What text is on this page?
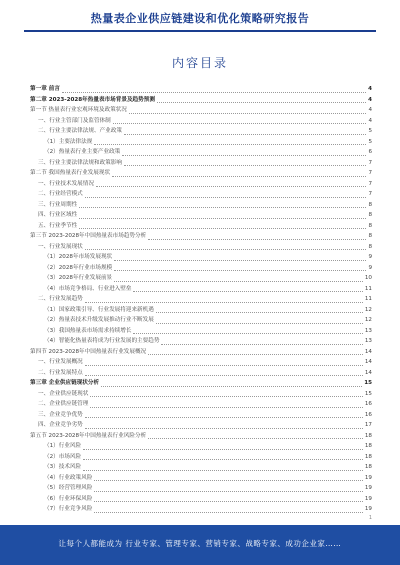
热量表企业供应链建设和优化策略研究报告
内容目录
第一章 前言	4
第二章 2023-2028年热量表市场背景及趋势预测	4
第一节 热量表行业宏观环境及政策状况	4
一、行业主管部门及监管体制	4
二、行业主要法律法规、产业政策	5
（1）主要法律法规	5
（2）热量表行业主要产业政策	6
三、行业主要法律法规和政策影响	7
第二节 我国热量表行业发展现状	7
一、行业技术发展情况	7
二、行业经营模式	7
三、行业周期性	8
四、行业区域性	8
五、行业季节性	8
第三节 2023-2028年中国热量表市场趋势分析	8
一、行业发展现状	8
（1）2028年市场发展现状	9
（2）2028年行业市场规模	9
（3）2028年行业发展前景	10
（4）市场竞争格局、行业进入壁垒	11
二、行业发展趋势	11
（1）国家政策引导、行业发展将迎来新机遇	12
（2）热量表技术升级发展推动行业不断发展	12
（3）我国热量表市场需求持续增长	13
（4）智能化热量表将成为行业发展的主要趋势	13
第四节 2023-2028年中国热量表行业发展概况	14
一、行业发展概况	14
二、行业发展特点	14
第三章 企业供应链现状分析	15
一、企业供应链现状	15
二、企业供应链管理	16
三、企业竞争优势	16
四、企业竞争劣势	17
第五节 2023-2028年中国热量表行业风险分析	18
（1）行业风险	18
（2）市场风险	18
（3）技术风险	18
（4）行业政策风险	19
（5）经营管理风险	19
（6）行业环保风险	19
（7）行业竞争风险	19
1
让每个人都能成为 行业专家、管理专家、营销专家、战略专家、成功企业家……
